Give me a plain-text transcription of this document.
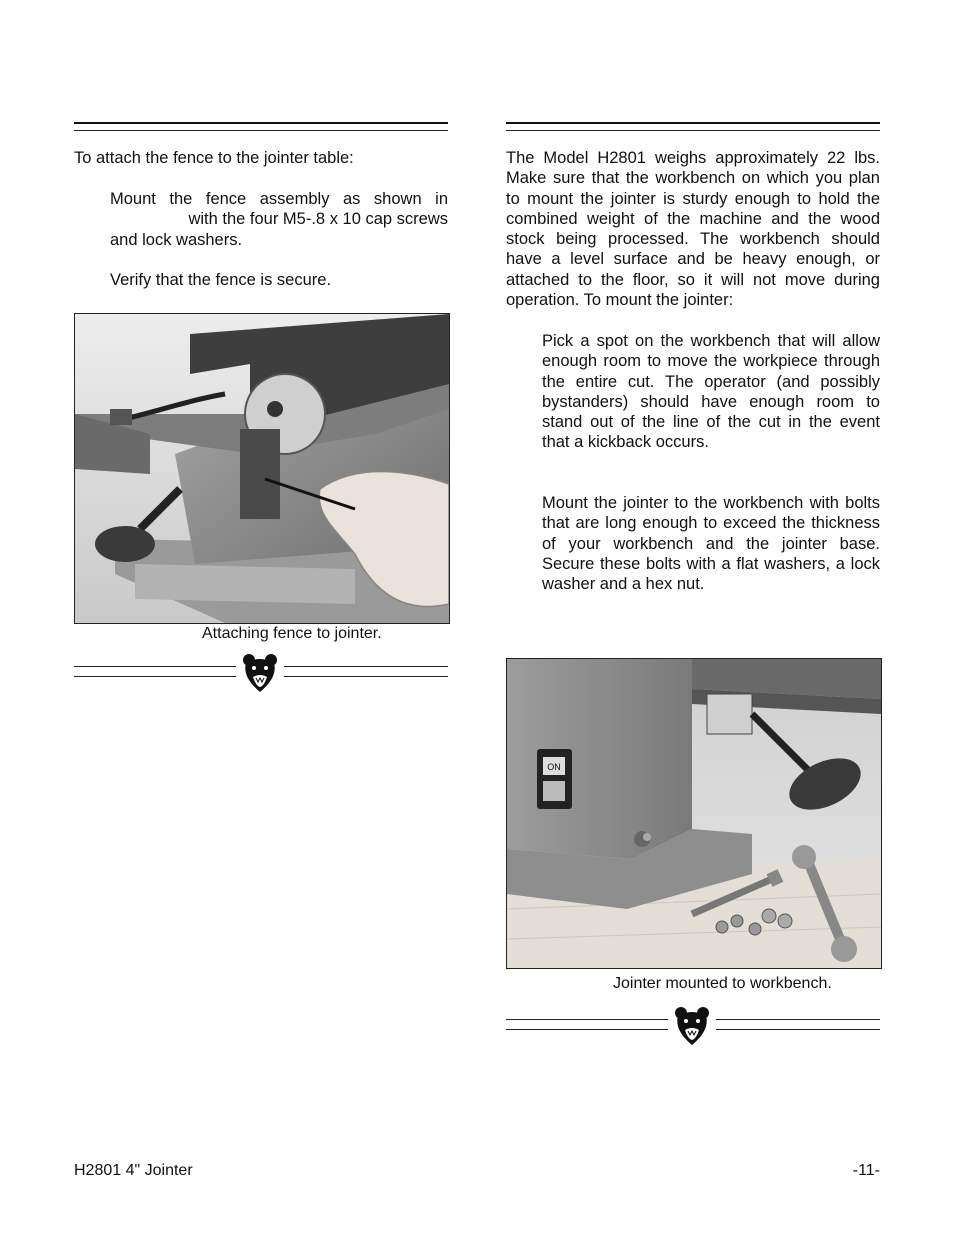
To attach the fence to the jointer table:
Mount the fence assembly as shown in
with the four M5-.8 x 10 cap screws
and lock washers.
Verify that the fence is secure.
Attaching fence to jointer.
The Model H2801 weighs approximately 22 lbs. Make sure that the workbench on which you plan to mount the jointer is sturdy enough to hold the combined weight of the machine and the wood stock being processed. The workbench should have a level surface and be heavy enough, or attached to the floor, so it will not move during operation. To mount the jointer:
Pick a spot on the workbench that will allow enough room to move the workpiece through the entire cut. The operator (and possibly bystanders) should have enough room to stand out of the line of the cut in the event that a kickback occurs.
Mount the jointer to the workbench with bolts that are long enough to exceed the thickness of your workbench and the jointer base. Secure these bolts with a flat washers, a lock washer and a hex nut.
ON
Jointer mounted to workbench.
H2801 4" Jointer	-11-
